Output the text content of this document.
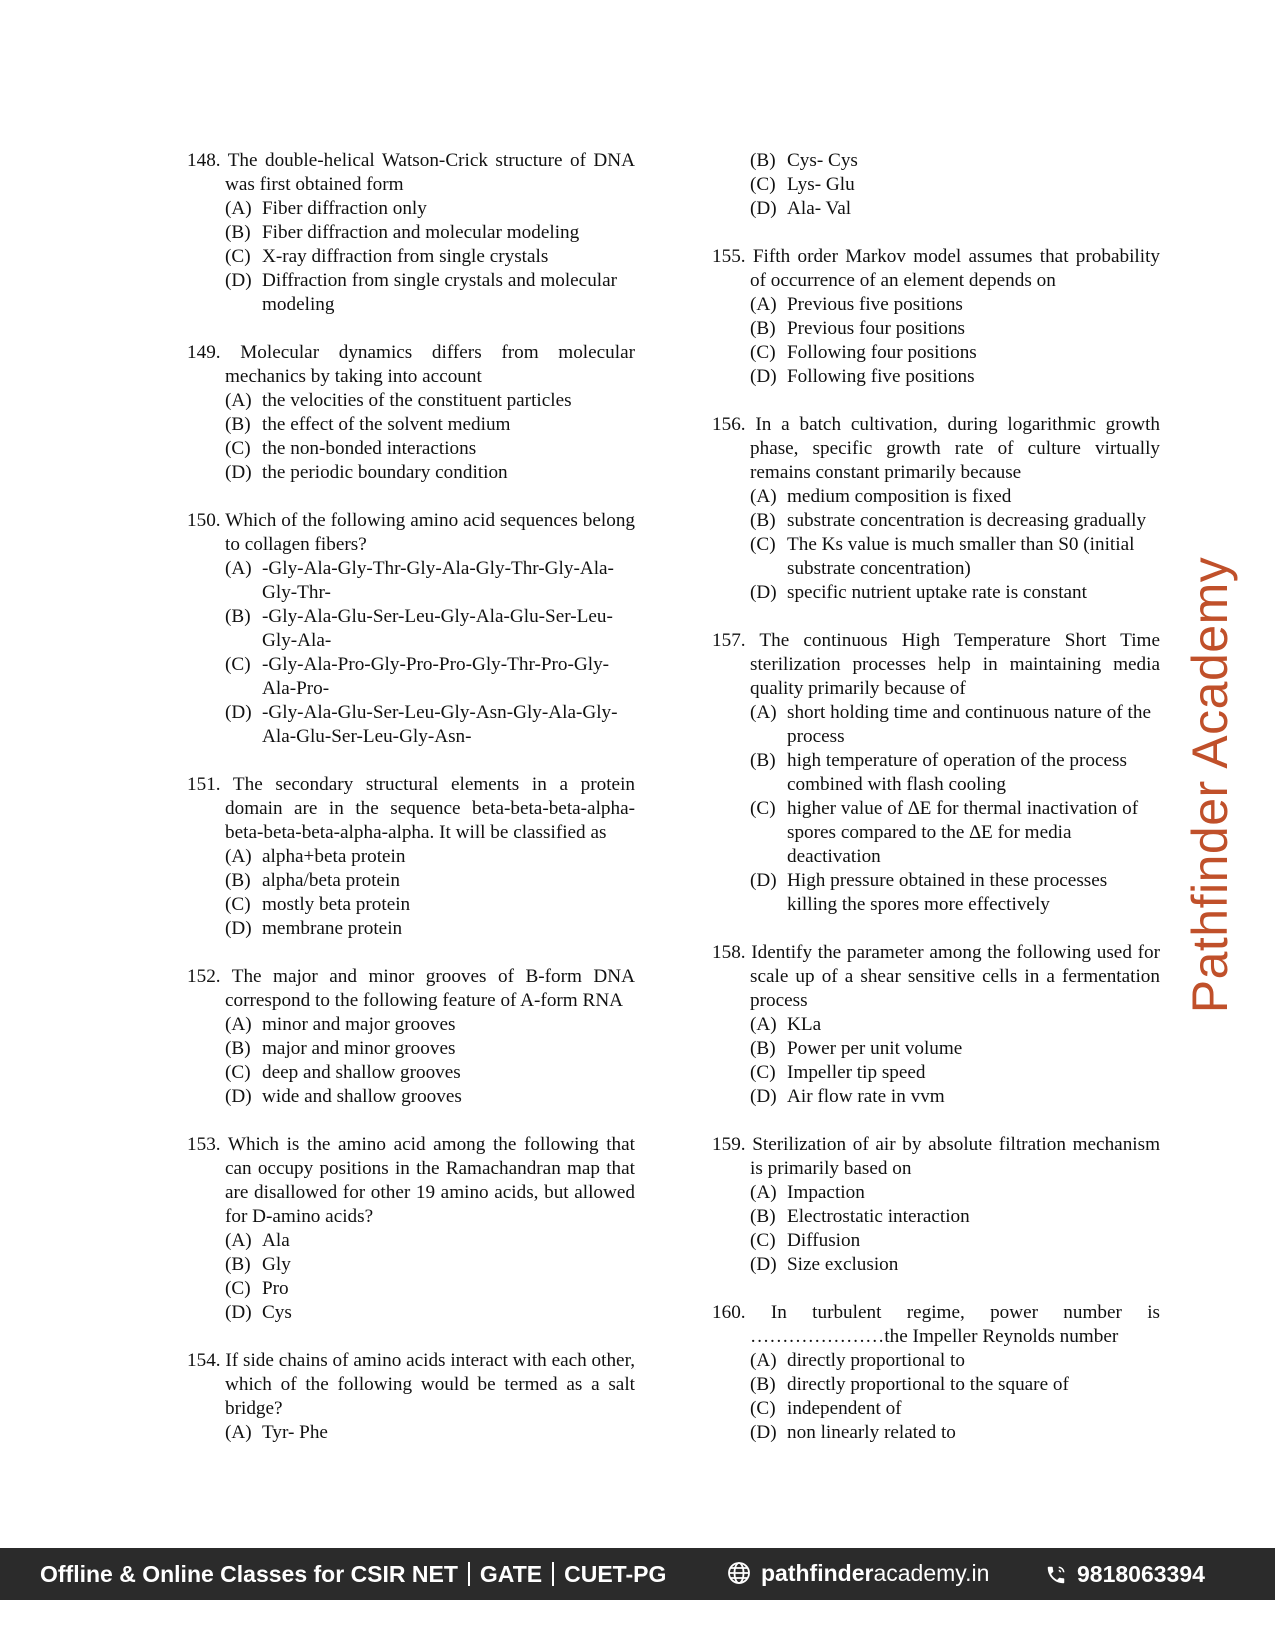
148. The double-helical Watson-Crick structure of DNA was first obtained form
(A) Fiber diffraction only
(B) Fiber diffraction and molecular modeling
(C) X-ray diffraction from single crystals
(D) Diffraction from single crystals and molecular modeling
149. Molecular dynamics differs from molecular mechanics by taking into account
(A) the velocities of the constituent particles
(B) the effect of the solvent medium
(C) the non-bonded interactions
(D) the periodic boundary condition
150. Which of the following amino acid sequences belong to collagen fibers?
(A) -Gly-Ala-Gly-Thr-Gly-Ala-Gly-Thr-Gly-Ala-Gly-Thr-
(B) -Gly-Ala-Glu-Ser-Leu-Gly-Ala-Glu-Ser-Leu-Gly-Ala-
(C) -Gly-Ala-Pro-Gly-Pro-Pro-Gly-Thr-Pro-Gly-Ala-Pro-
(D) -Gly-Ala-Glu-Ser-Leu-Gly-Asn-Gly-Ala-Gly-Ala-Glu-Ser-Leu-Gly-Asn-
151. The secondary structural elements in a protein domain are in the sequence beta-beta-beta-alpha-beta-beta-beta-alpha-alpha. It will be classified as
(A) alpha+beta protein
(B) alpha/beta protein
(C) mostly beta protein
(D) membrane protein
152. The major and minor grooves of B-form DNA correspond to the following feature of A-form RNA
(A) minor and major grooves
(B) major and minor grooves
(C) deep and shallow grooves
(D) wide and shallow grooves
153. Which is the amino acid among the following that can occupy positions in the Ramachandran map that are disallowed for other 19 amino acids, but allowed for D-amino acids?
(A) Ala
(B) Gly
(C) Pro
(D) Cys
154. If side chains of amino acids interact with each other, which of the following would be termed as a salt bridge?
(A) Tyr- Phe
(B) Cys- Cys
(C) Lys- Glu
(D) Ala- Val
155. Fifth order Markov model assumes that probability of occurrence of an element depends on
(A) Previous five positions
(B) Previous four positions
(C) Following four positions
(D) Following five positions
156. In a batch cultivation, during logarithmic growth phase, specific growth rate of culture virtually remains constant primarily because
(A) medium composition is fixed
(B) substrate concentration is decreasing gradually
(C) The Ks value is much smaller than S0 (initial substrate concentration)
(D) specific nutrient uptake rate is constant
157. The continuous High Temperature Short Time sterilization processes help in maintaining media quality primarily because of
(A) short holding time and continuous nature of the process
(B) high temperature of operation of the process combined with flash cooling
(C) higher value of ∆E for thermal inactivation of spores compared to the ∆E for media deactivation
(D) High pressure obtained in these processes killing the spores more effectively
158. Identify the parameter among the following used for scale up of a shear sensitive cells in a fermentation process
(A) KLa
(B) Power per unit volume
(C) Impeller tip speed
(D) Air flow rate in vvm
159. Sterilization of air by absolute filtration mechanism is primarily based on
(A) Impaction
(B) Electrostatic interaction
(C) Diffusion
(D) Size exclusion
160. In turbulent regime, power number is …………………the Impeller Reynolds number
(A) directly proportional to
(B) directly proportional to the square of
(C) independent of
(D) non linearly related to
Pathfinder Academy
Offline & Online Classes for CSIR NET GATE CUET-PG	pathfinderacademy.in	9818063394
